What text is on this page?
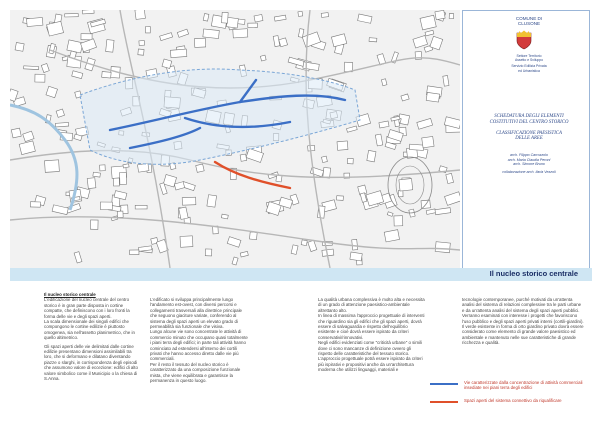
COMUNE DI
CLUSONE
Settore Territorio
Assetto e Sviluppo
Servizio Edilizia Privata
ed Urbanistica
SCHEDATURA DEGLI ELEMENTI
COSTITUTIVI DEL CENTRO STORICO
CLASSIFICAZIONE PAESISTICA
DELLE AREE
arch. Filippo Carrozzolo
arch. Maria Claudia Peroni
arch. Simone Bruno
collaborazione arch. Ilaria Vezzoli
Il nucleo storico centrale
Il nucleo storico centrale
L'edificazione del nucleo centrale del centro storico è in gran parte disposta in cortine compatte, che definiscono con i loro fronti la forma delle vie e degli spazi aperti.
La scala dimensionale dei singoli edifici che compongono le cortine edilizie è piuttosto omogenea, sia nell'assetto planimetrico, che in quello altimetrico.
Gli spazi aperti delle vie delimitati dalle cortine edilizie presentano dimensioni assimilabili tra loro, che si deformano e dilatano diventando piazze o slarghi, in corrispondenza degli episodi che assumono valore di eccezione: edifici di alto valore simbolico come il Municipio o la chiesa di S.Anna.
L'edificato si sviluppa principalmente lungo l'andamento est-ovest, con diversi percorsi e collegamenti trasversali alla direttrice principale che seguono giaciture variate, conferendo al sistema degli spazi aperti un elevato grado di permeabilità sia funzionale che visiva.
Lungo alcune vie sono concentrate le attività di commercio minuto che occupano quasi totalmente i piani terra degli edifici; in parte tali attività hanno cominciato ad estendersi all'interno dei cortili privati che hanno accesso diretto dalle vie più commerciali.
Per il resto il tessuto del nucleo storico è caratterizzato da una composizione funzionale mista, che viene equilibrata e garantisce la permanenza in questo luogo.
La qualità urbana complessiva è molto alta e necessita di un grado di attenzione paesistico-ambientale altrettanto alto.
In linea di massima l'approccio progettuale di interventi che riguardino sia gli edifici che gli spazi aperti, dovrà essere di salvaguardia e rispetto dell'equilibrio esistente e cioè dovrà essere ispirato da criteri conservativi/rinnovativi.
Negli edifici evidenziati come "criticità urbane" o simili dove ci sono mancanze di definizione ovvero gli rispetto delle caratteristiche del tessuto storico.
L'approccio progettuale potrà essere ispirato da criteri più ispirativi e propositivi anche da un'architettura moderna che utilizzi linguaggi, materiali e
tecnologie contemporanee, purché motivati da un'attenta analisi del sistema di relazioni complessive tra le parti urbane e da un'attenta analisi del sistema degli spazi aperti pubblici.
Verranno esaminati con interesse i progetti che favoriscono l'uso pubblico e degli spazi aperti privati interni (cortili-giardini).
Il verde esistente in forma di orto giardino privato dovrà essere considerato come elemento di grande valore paesistico ed ambientale e mantenuto nelle sue caratteristiche di grande ricchezza e qualità.
Vie caratterizzate dalla concentrazione di attività commerciali insediate nei piani terra degli edifici
Spazi aperti del sistema connettivo da riqualificare
